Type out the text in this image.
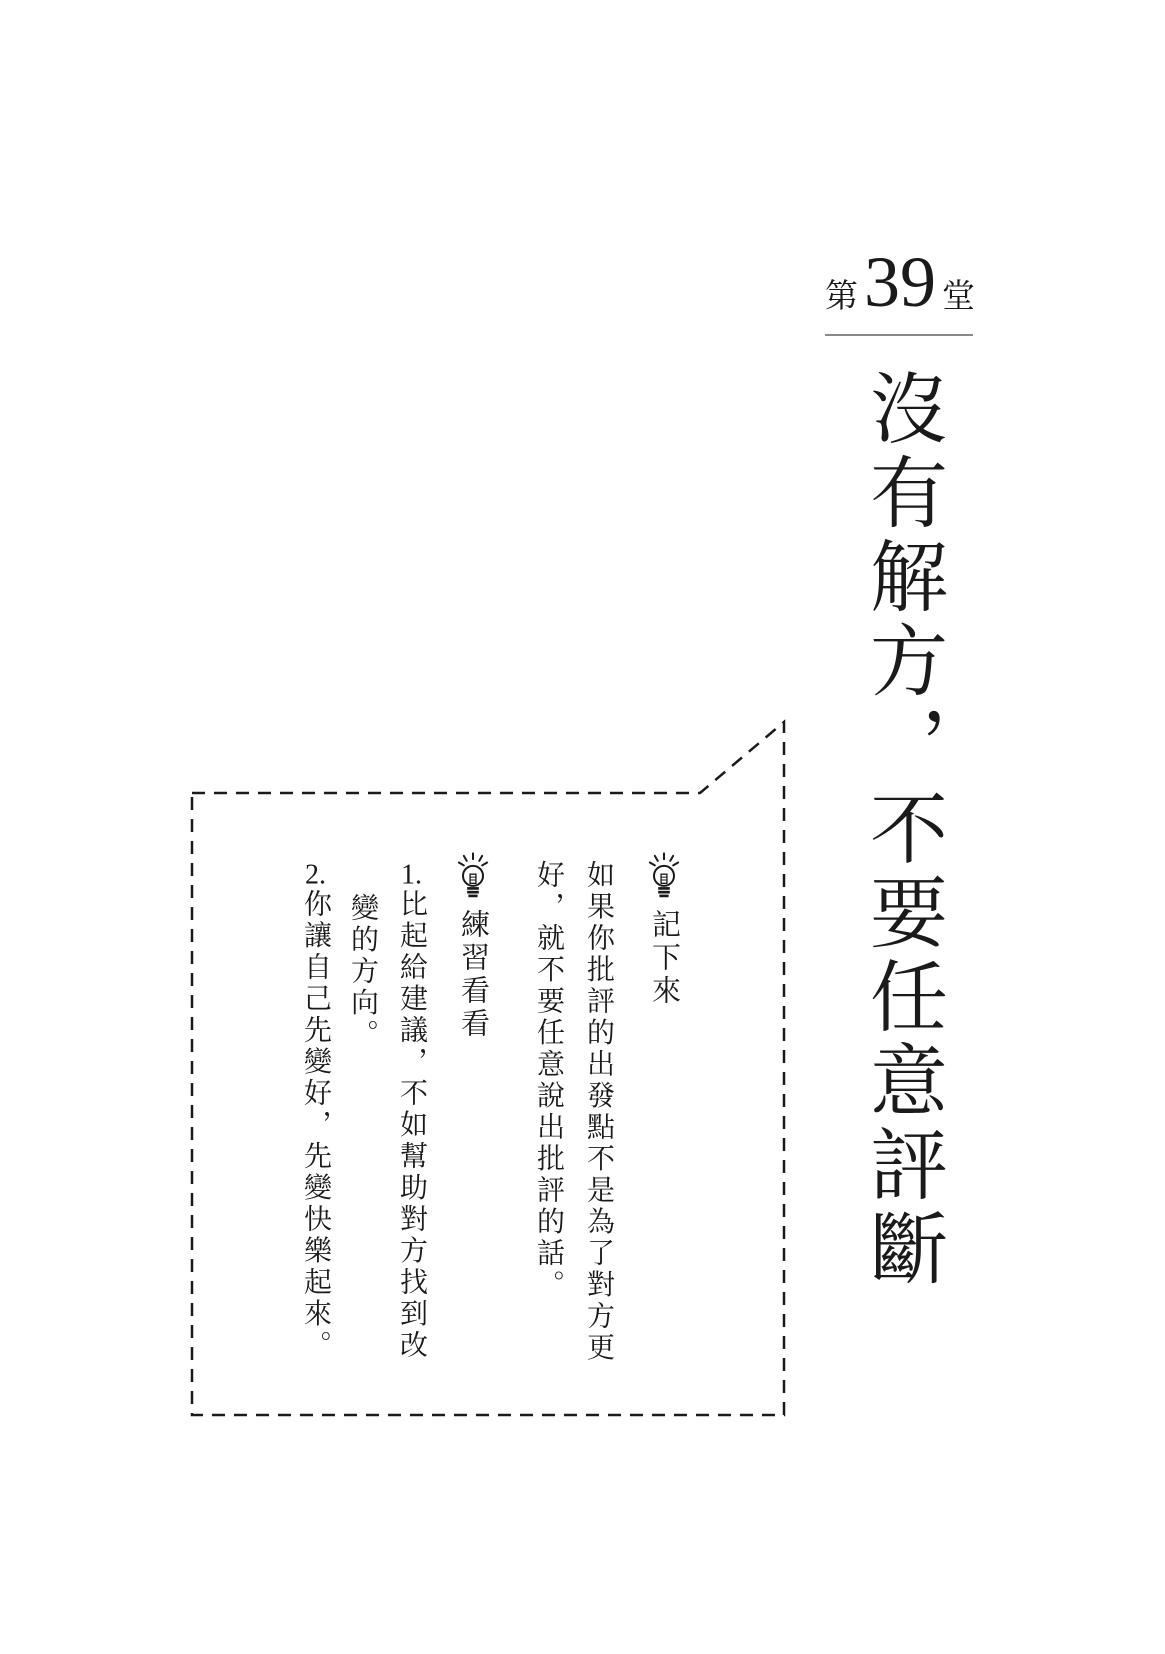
第 39 堂
沒有解方，不要任意評斷
記下來
如果你批評的出發點不是為了對方更
好，就不要任意說出批評的話。
練習看看
1.比起給建議，不如幫助對方找到改
變的方向。
2.你讓自己先變好，先變快樂起來。
